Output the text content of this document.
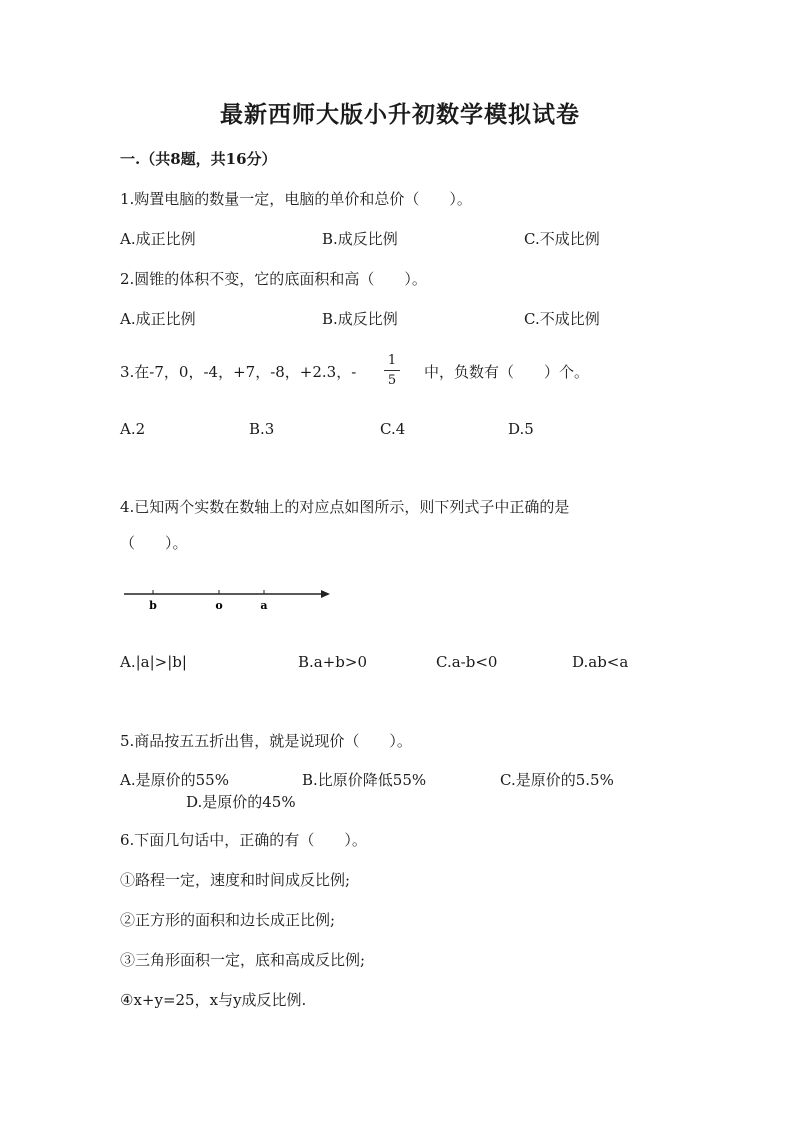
最新西师大版小升初数学模拟试卷
一.（共8题，共16分）
1.购置电脑的数量一定，电脑的单价和总价（　　）。
A.成正比例	B.成反比例	C.不成比例
2.圆锥的体积不变，它的底面积和高（　　）。
A.成正比例	B.成反比例	C.不成比例
3.在-7，0，-4，+7，-8，+2.3，- $\frac{1}{5}$ 中，负数有（　　）个。
A.2	B.3	C.4	D.5
4.已知两个实数在数轴上的对应点如图所示，则下列式子中正确的是
（　　）。
b	o	a
A.|a|>|b|	B.a+b>0	C.a-b<0	D.ab<a
5.商品按五五折出售，就是说现价（　　）。
A.是原价的55%	B.比原价降低55%	C.是原价的5.5%
D.是原价的45%
6.下面几句话中，正确的有（　　）。
①路程一定，速度和时间成反比例;
②正方形的面积和边长成正比例;
③三角形面积一定，底和高成反比例;
④x+y=25，x与y成反比例.
